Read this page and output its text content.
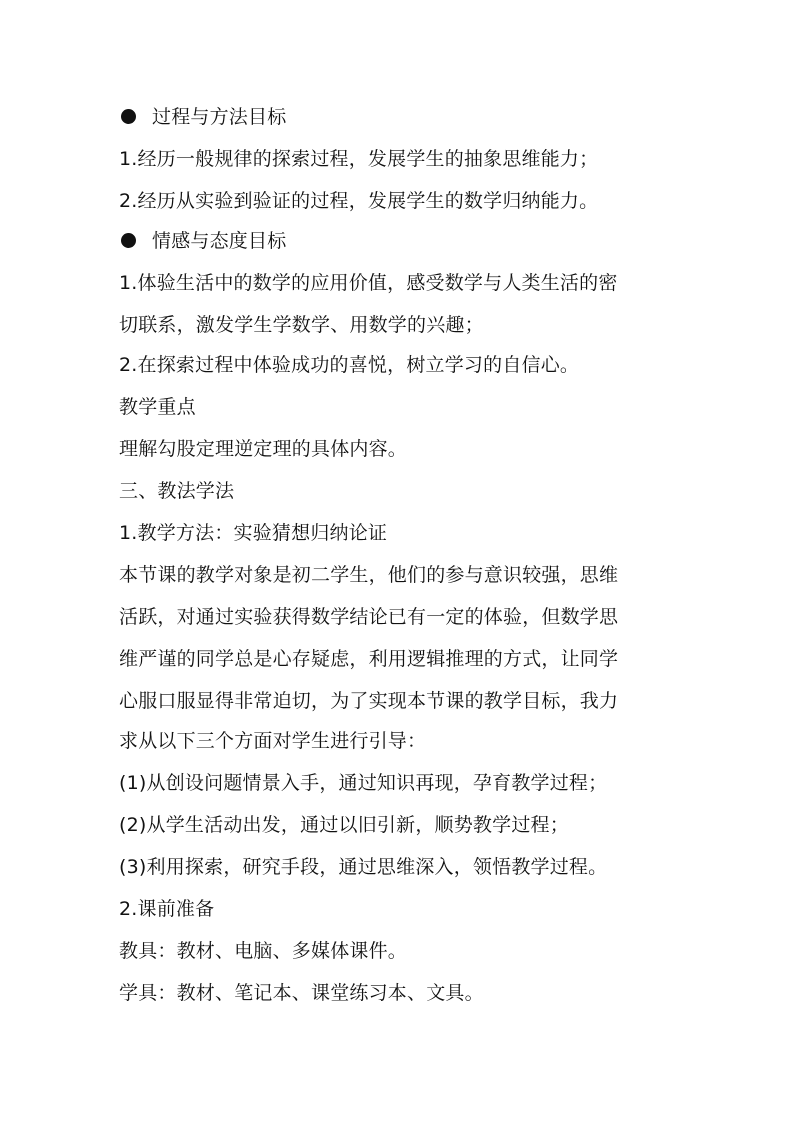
过程与方法目标
1.经历一般规律的探索过程，发展学生的抽象思维能力；
2.经历从实验到验证的过程，发展学生的数学归纳能力。
情感与态度目标
1.体验生活中的数学的应用价值，感受数学与人类生活的密
切联系，激发学生学数学、用数学的兴趣；
2.在探索过程中体验成功的喜悦，树立学习的自信心。
教学重点
理解勾股定理逆定理的具体内容。
三、教法学法
1.教学方法：实验猜想归纳论证
本节课的教学对象是初二学生，他们的参与意识较强，思维
活跃，对通过实验获得数学结论已有一定的体验，但数学思
维严谨的同学总是心存疑虑，利用逻辑推理的方式，让同学
心服口服显得非常迫切，为了实现本节课的教学目标，我力
求从以下三个方面对学生进行引导：
(1)从创设问题情景入手，通过知识再现，孕育教学过程；
(2)从学生活动出发，通过以旧引新，顺势教学过程；
(3)利用探索，研究手段，通过思维深入，领悟教学过程。
2.课前准备
教具：教材、电脑、多媒体课件。
学具：教材、笔记本、课堂练习本、文具。
